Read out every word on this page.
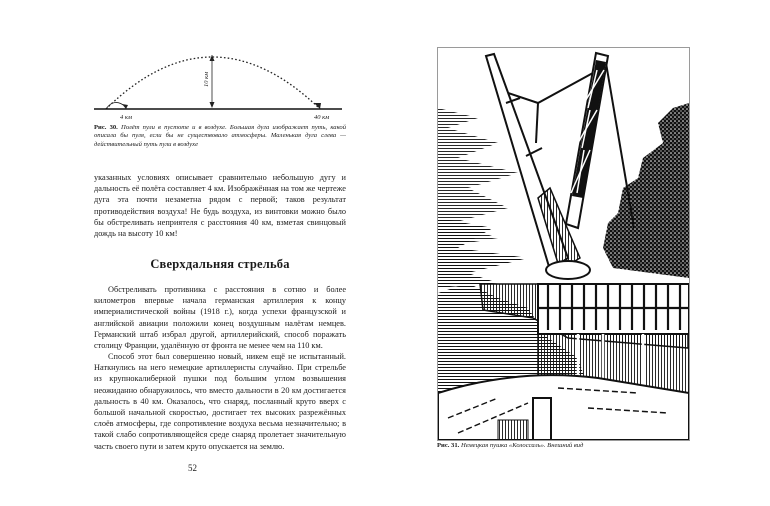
10 км
4 км	40 км
Рис. 30. Полёт пули в пустоте и в воздухе. Большая дуга изображает путь, какой описала бы пуля, если бы не существовало атмосферы. Маленькая дуга слева — действительный путь пули в воздухе

указанных условиях описывает сравнительно небольшую дугу и дальность её полёта составляет 4 км. Изображённая на том же чертеже дуга эта почти незаметна рядом с первой; таков результат противодействия воздуха! Не будь воздуха, из винтовки можно было бы обстреливать неприятеля с расстояния 40 км, взметая свинцовый дождь на высоту 10 км!

Сверхдальняя стрельба

Обстреливать противника с расстояния в сотню и более километров впервые начала германская артиллерия к концу империалистической войны (1918 г.), когда успехи французской и английской авиации положили конец воздушным налётам немцев. Германский штаб избрал другой, артиллерийский, способ поражать столицу Франции, удалённую от фронта не менее чем на 110 км.

Способ этот был совершенно новый, никем ещё не испытанный. Наткнулись на него немецкие артиллеристы случайно. При стрельбе из крупнокалиберной пушки под большим углом возвышения неожиданно обнаружилось, что вместо дальности в 20 км достигается дальность в 40 км. Оказалось, что снаряд, посланный круто вверх с большой начальной скоростью, достигает тех высоких разрежённых слоёв атмосферы, где сопротивление воздуха весьма незначительно; в такой слабо сопротивляющейся среде снаряд пролетает значительную часть своего пути и затем круто опускается на землю.

52
Рис. 31. Немецкая пушка «Колоссаль». Внешний вид
